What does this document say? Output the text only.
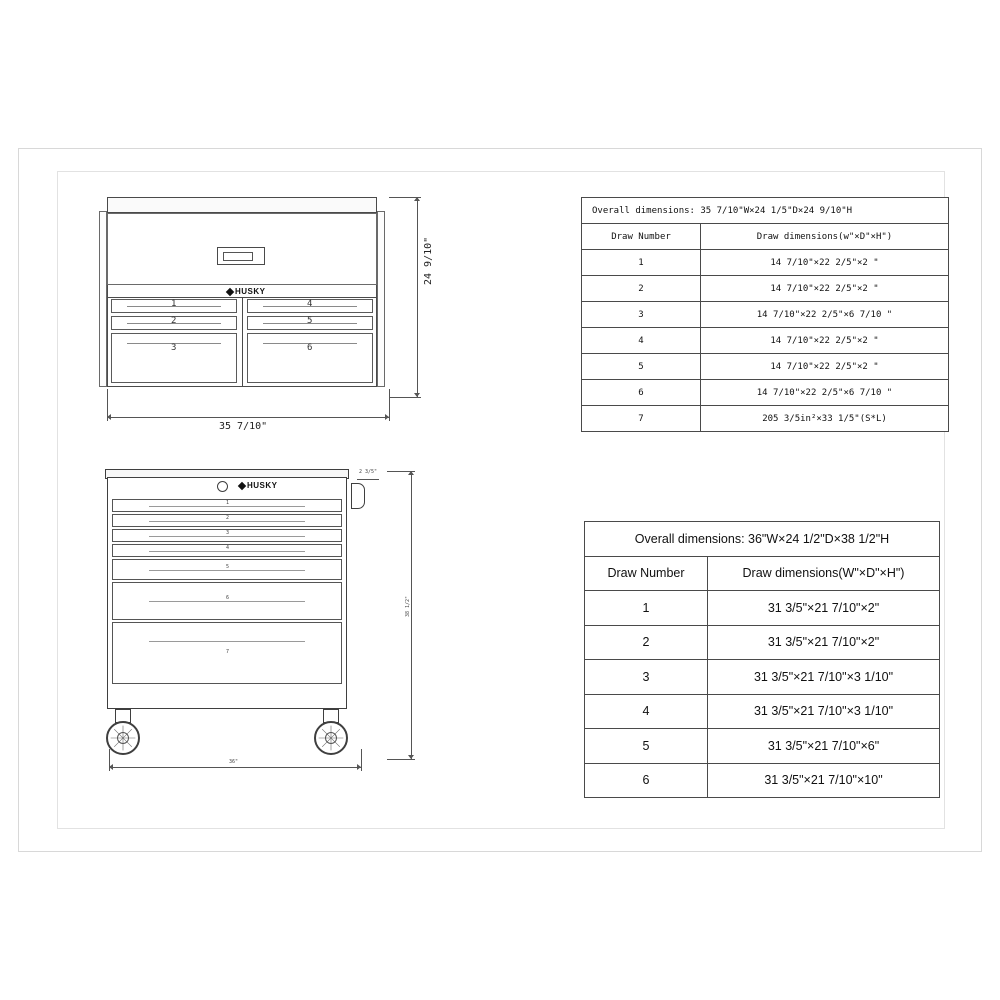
HUSKY
1
2
3
4
5
6
24 9/10"
35 7/10"
HUSKY
1
2
3
4
5
6
7
2 3/5"
38 1/2"
36"
Overall dimensions: 35 7/10"W×24 1/5"D×24 9/10"H	
Draw Number	Draw dimensions(w"×D"×H")
1	14 7/10"×22 2/5"×2 "
2	14 7/10"×22 2/5"×2 "
3	14 7/10"×22 2/5"×6 7/10 "
4	14 7/10"×22 2/5"×2 "
5	14 7/10"×22 2/5"×2 "
6	14 7/10"×22 2/5"×6 7/10 "
7	205 3/5in²×33 1/5"(S*L)
Overall dimensions: 36"W×24 1/2"D×38 1/2"H	
Draw Number	Draw dimensions(W"×D"×H")
1	31 3/5"×21 7/10"×2"
2	31 3/5"×21 7/10"×2"
3	31 3/5"×21 7/10"×3 1/10"
4	31 3/5"×21 7/10"×3 1/10"
5	31 3/5"×21 7/10"×6"
6	31 3/5"×21 7/10"×10"
